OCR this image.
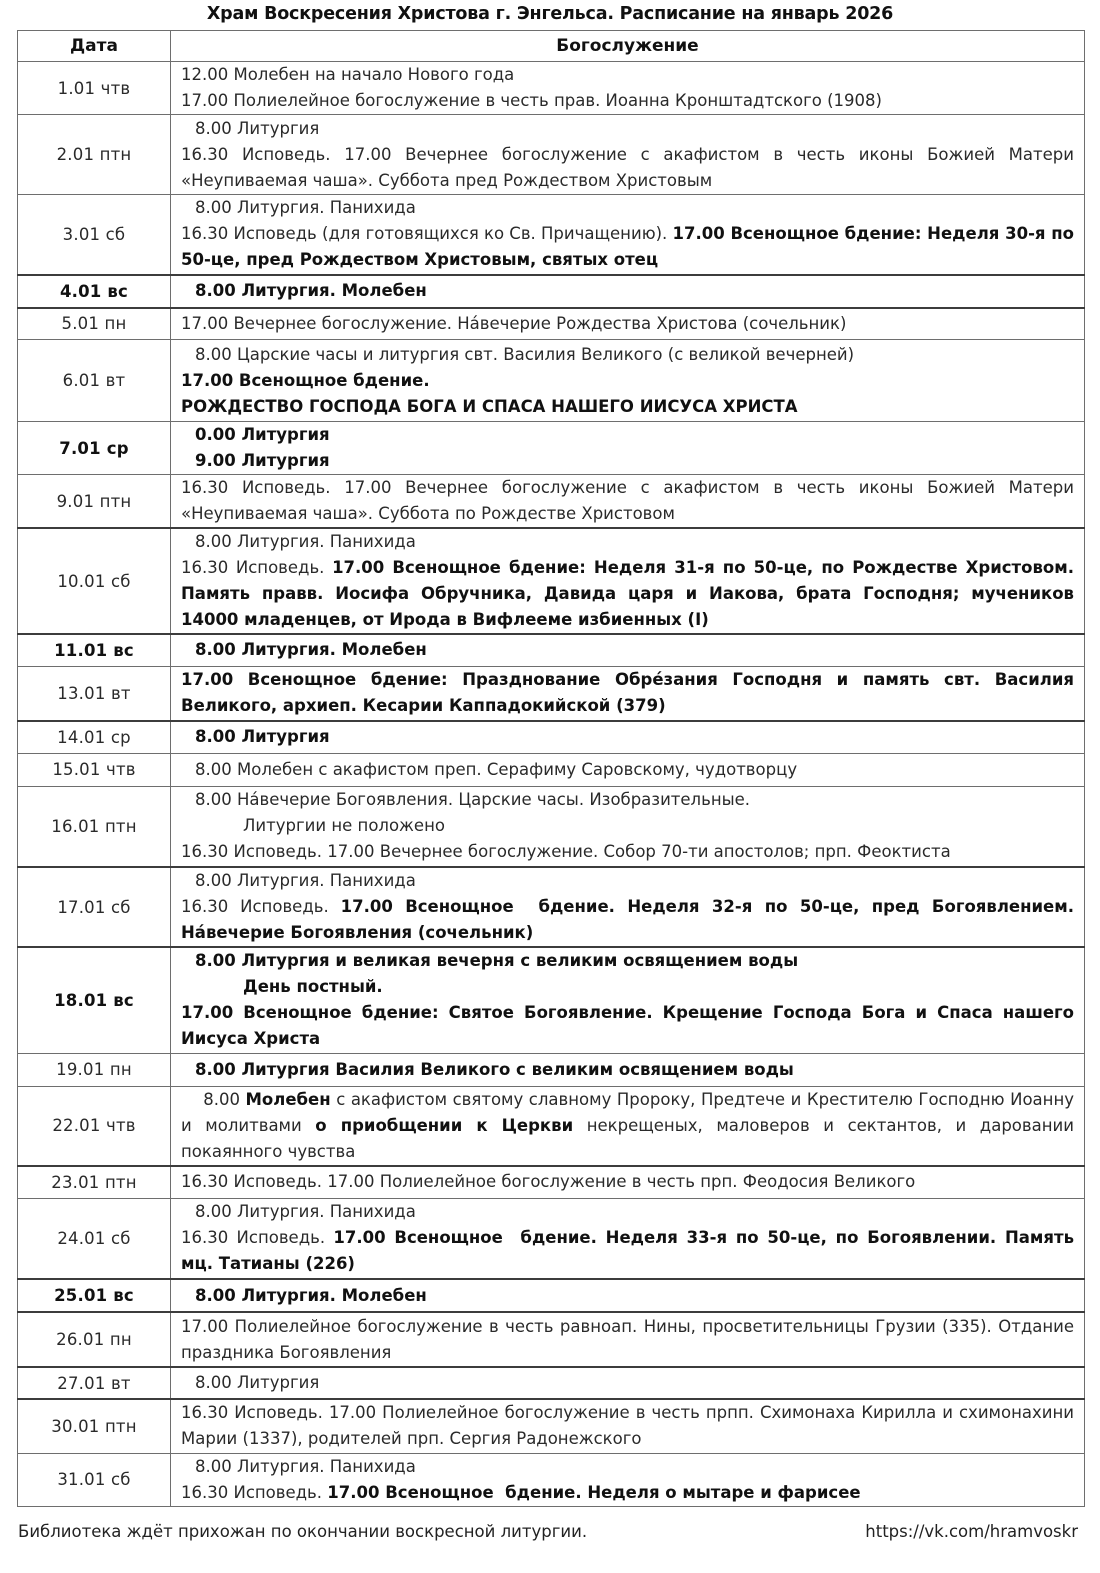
Храм Воскресения Христова г. Энгельса. Расписание на январь 2026
Дата	Богослужение
1.01 чтв	12.00 Молебен на начало Нового года
17.00 Полиелейное богослужение в честь прав. Иоанна Кронштадтского (1908)

2.01 птн	8.00 Литургия
16.30 Исповедь. 17.00 Вечернее богослужение с акафистом в честь иконы Божией Матери «Неупиваемая чаша». Суббота пред Рождеством Христовым

3.01 сб	8.00 Литургия. Панихида
16.30 Исповедь (для готовящихся ко Св. Причащению). 17.00 Всенощное бдение: Неделя 30-я по 50-це, пред Рождеством Христовым, святых отец

4.01 вс	8.00 Литургия. Молебен

5.01 пн	17.00 Вечернее богослужение. Нáвечерие Рождества Христова (сочельник)

6.01 вт	8.00 Царские часы и литургия свт. Василия Великого (с великой вечерней)
17.00 Всенощное бдение.
РОЖДЕСТВО ГОСПОДА БОГА И СПАСА НАШЕГО ИИСУСА ХРИСТА

7.01 ср	0.00 Литургия
9.00 Литургия

9.01 птн	16.30 Исповедь. 17.00 Вечернее богослужение с акафистом в честь иконы Божией Матери «Неупиваемая чаша». Суббота по Рождестве Христовом

10.01 сб	8.00 Литургия. Панихида
16.30 Исповедь. 17.00 Всенощное бдение: Неделя 31-я по 50-це, по Рождестве Христовом. Память правв. Иосифа Обручника, Давида царя и Иакова, брата Господня; мучеников 14000 младенцев, от Ирода в Вифлееме избиенных (I)

11.01 вс	8.00 Литургия. Молебен

13.01 вт	17.00 Всенощное бдение: Празднование Обрéзания Господня и память свт. Василия Великого, архиеп. Кесарии Каппадокийской (379)

14.01 ср	8.00 Литургия

15.01 чтв	8.00 Молебен с акафистом преп. Серафиму Саровскому, чудотворцу

16.01 птн	8.00 Нáвечерие Богоявления. Царские часы. Изобразительные.
Литургии не положено
16.30 Исповедь. 17.00 Вечернее богослужение. Собор 70-ти апостолов; прп. Феоктиста

17.01 сб	8.00 Литургия. Панихида
16.30 Исповедь. 17.00 Всенощное  бдение. Неделя 32-я по 50-це, пред Богоявлением. Нáвечерие Богоявления (сочельник)

18.01 вс	8.00 Литургия и великая вечерня с великим освящением воды
День постный.
17.00 Всенощное бдение: Святое Богоявление. Крещение Господа Бога и Спаса нашего Иисуса Христа

19.01 пн	8.00 Литургия Василия Великого с великим освящением воды

22.01 чтв	8.00 Молебен с акафистом святому славному Пророку, Предтече и Крестителю Господню Иоанну и молитвами о приобщении к Церкви некрещеных, маловеров и сектантов, и даровании покаянного чувства

23.01 птн	16.30 Исповедь. 17.00 Полиелейное богослужение в честь прп. Феодосия Великого

24.01 сб	8.00 Литургия. Панихида
16.30 Исповедь. 17.00 Всенощное  бдение. Неделя 33-я по 50-це, по Богоявлении. Память мц. Татианы (226)

25.01 вс	8.00 Литургия. Молебен

26.01 пн	17.00 Полиелейное богослужение в честь равноап. Нины, просветительницы Грузии (335). Отдание праздника Богоявления

27.01 вт	8.00 Литургия

30.01 птн	16.30 Исповедь. 17.00 Полиелейное богослужение в честь прпп. Схимонаха Кирилла и схимонахини Марии (1337), родителей прп. Сергия Радонежского

31.01 сб	8.00 Литургия. Панихида
16.30 Исповедь. 17.00 Всенощное  бдение. Неделя о мытаре и фарисее
Библиотека ждёт прихожан по окончании воскресной литургии.	https://vk.com/hramvoskr
